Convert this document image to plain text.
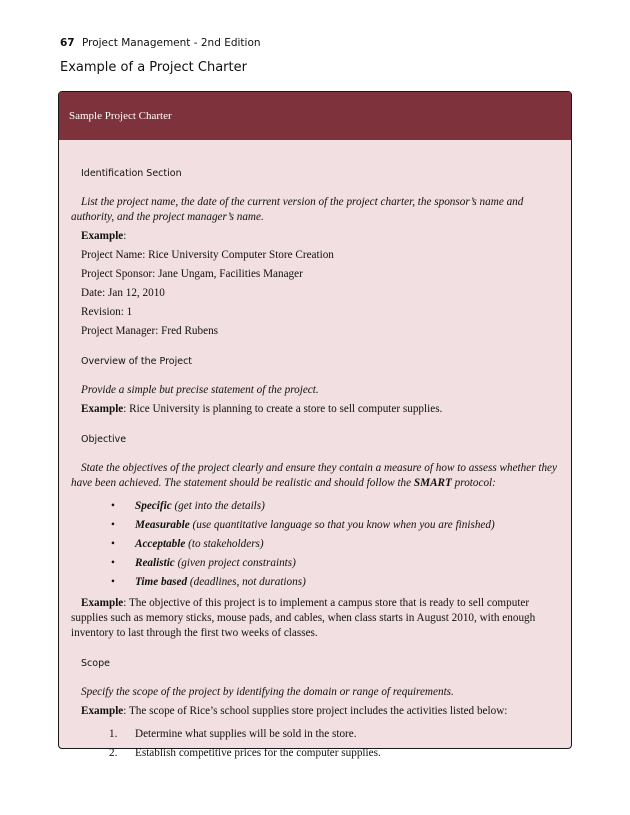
67 Project Management - 2nd Edition
Example of a Project Charter
Sample Project Charter
Identification Section

List the project name, the date of the current version of the project charter, the sponsor’s name and authority, and the project manager’s name.

Example:

Project Name: Rice University Computer Store Creation

Project Sponsor: Jane Ungam, Facilities Manager

Date: Jan 12, 2010

Revision: 1

Project Manager: Fred Rubens

Overview of the Project

Provide a simple but precise statement of the project.

Example: Rice University is planning to create a store to sell computer supplies.

Objective

State the objectives of the project clearly and ensure they contain a measure of how to assess whether they have been achieved. The statement should be realistic and should follow the SMART protocol:

• Specific (get into the details)
• Measurable (use quantitative language so that you know when you are finished)
• Acceptable (to stakeholders)
• Realistic (given project constraints)
• Time based (deadlines, not durations)

Example: The objective of this project is to implement a campus store that is ready to sell computer supplies such as memory sticks, mouse pads, and cables, when class starts in August 2010, with enough inventory to last through the first two weeks of classes.

Scope

Specify the scope of the project by identifying the domain or range of requirements.

Example: The scope of Rice’s school supplies store project includes the activities listed below:

1. Determine what supplies will be sold in the store.
2. Establish competitive prices for the computer supplies.
